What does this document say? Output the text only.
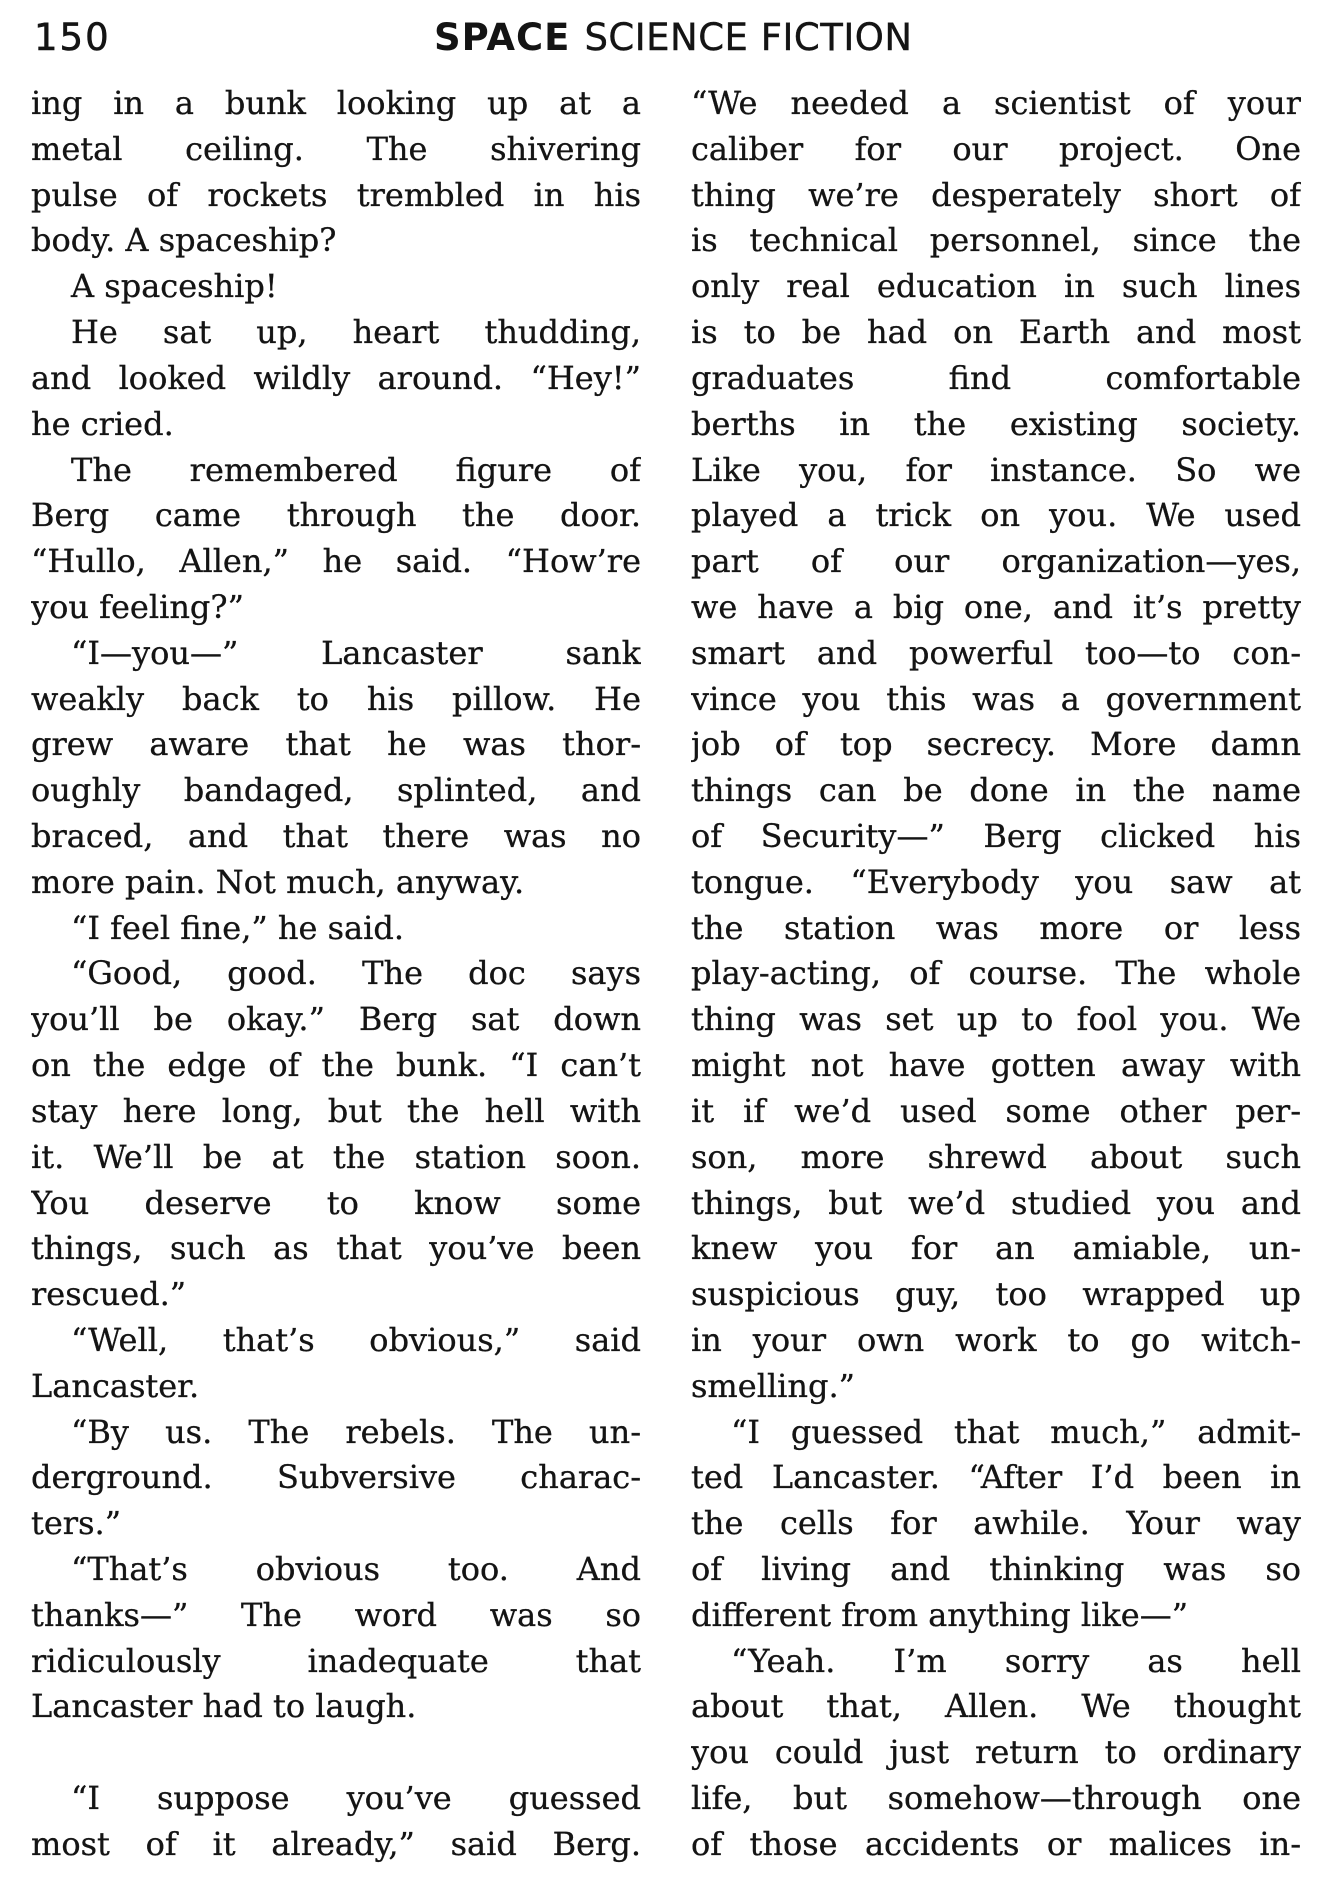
150	SPACE SCIENCE FICTION
ing in a bunk looking up at a
metal ceiling. The shivering
pulse of rockets trembled in his
body. A spaceship?
A spaceship!
He sat up, heart thudding,
and looked wildly around. “Hey!”
he cried.
The remembered figure of
Berg came through the door.
“Hullo, Allen,” he said. “How’re
you feeling?”
“I—you—” Lancaster sank
weakly back to his pillow. He
grew aware that he was thor-
oughly bandaged, splinted, and
braced, and that there was no
more pain. Not much, anyway.
“I feel fine,” he said.
“Good, good. The doc says
you’ll be okay.” Berg sat down
on the edge of the bunk. “I can’t
stay here long, but the hell with
it. We’ll be at the station soon.
You deserve to know some
things, such as that you’ve been
rescued.”
“Well, that’s obvious,” said
Lancaster.
“By us. The rebels. The un-
derground. Subversive charac-
ters.”
“That’s obvious too. And
thanks—” The word was so
ridiculously inadequate that
Lancaster had to laugh.
“I suppose you’ve guessed
most of it already,” said Berg.
“We needed a scientist of your
caliber for our project. One
thing we’re desperately short of
is technical personnel, since the
only real education in such lines
is to be had on Earth and most
graduates find comfortable
berths in the existing society.
Like you, for instance. So we
played a trick on you. We used
part of our organization—yes,
we have a big one, and it’s pretty
smart and powerful too—to con-
vince you this was a government
job of top secrecy. More damn
things can be done in the name
of Security—” Berg clicked his
tongue. “Everybody you saw at
the station was more or less
play-acting, of course. The whole
thing was set up to fool you. We
might not have gotten away with
it if we’d used some other per-
son, more shrewd about such
things, but we’d studied you and
knew you for an amiable, un-
suspicious guy, too wrapped up
in your own work to go witch-
smelling.”
“I guessed that much,” admit-
ted Lancaster. “After I’d been in
the cells for awhile. Your way
of living and thinking was so
different from anything like—”
“Yeah. I’m sorry as hell
about that, Allen. We thought
you could just return to ordinary
life, but somehow—through one
of those accidents or malices in-
